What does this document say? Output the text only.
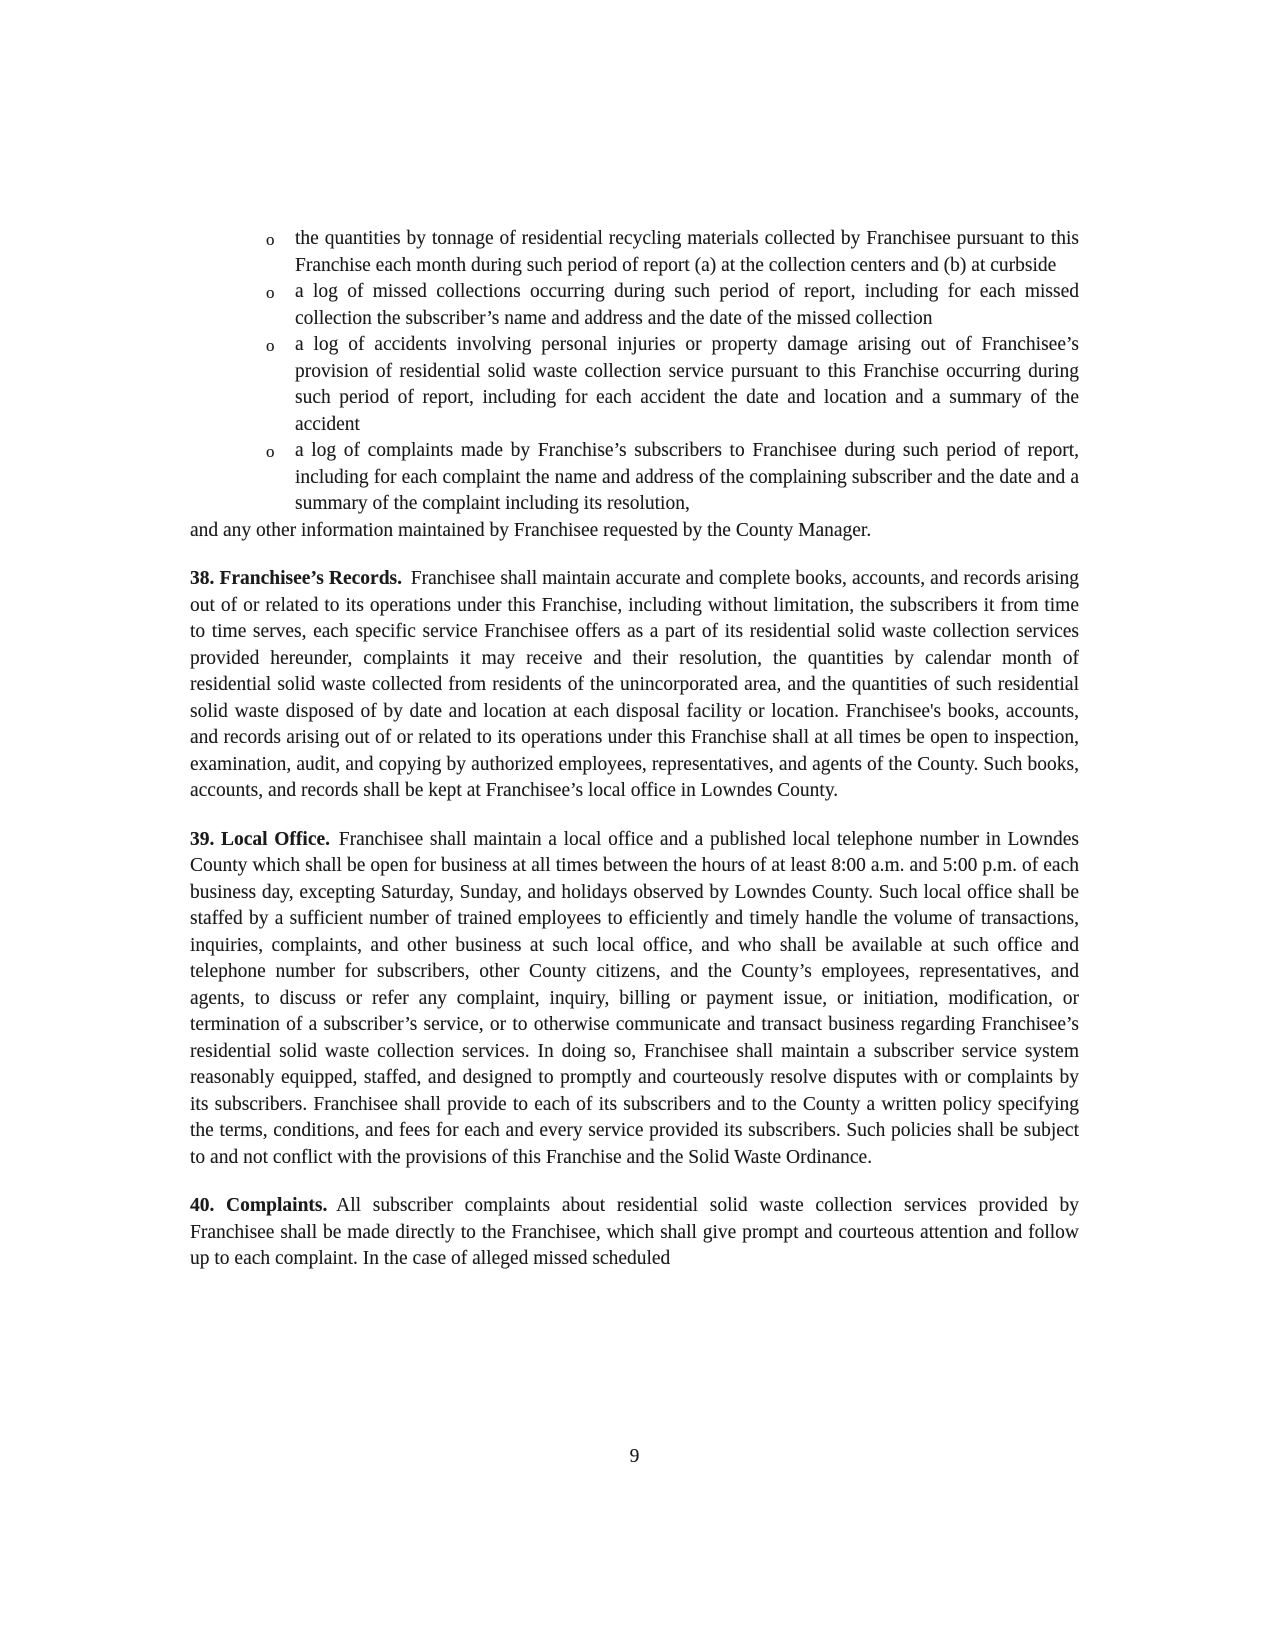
o the quantities by tonnage of residential recycling materials collected by Franchisee pursuant to this Franchise each month during such period of report (a) at the collection centers and (b) at curbside
o a log of missed collections occurring during such period of report, including for each missed collection the subscriber’s name and address and the date of the missed collection
o a log of accidents involving personal injuries or property damage arising out of Franchisee’s provision of residential solid waste collection service pursuant to this Franchise occurring during such period of report, including for each accident the date and location and a summary of the accident
o a log of complaints made by Franchise’s subscribers to Franchisee during such period of report, including for each complaint the name and address of the complaining subscriber and the date and a summary of the complaint including its resolution,
and any other information maintained by Franchisee requested by the County Manager.

38. Franchisee’s Records. Franchisee shall maintain accurate and complete books, accounts, and records arising out of or related to its operations under this Franchise, including without limitation, the subscribers it from time to time serves, each specific service Franchisee offers as a part of its residential solid waste collection services provided hereunder, complaints it may receive and their resolution, the quantities by calendar month of residential solid waste collected from residents of the unincorporated area, and the quantities of such residential solid waste disposed of by date and location at each disposal facility or location. Franchisee's books, accounts, and records arising out of or related to its operations under this Franchise shall at all times be open to inspection, examination, audit, and copying by authorized employees, representatives, and agents of the County. Such books, accounts, and records shall be kept at Franchisee’s local office in Lowndes County.

39. Local Office. Franchisee shall maintain a local office and a published local telephone number in Lowndes County which shall be open for business at all times between the hours of at least 8:00 a.m. and 5:00 p.m. of each business day, excepting Saturday, Sunday, and holidays observed by Lowndes County. Such local office shall be staffed by a sufficient number of trained employees to efficiently and timely handle the volume of transactions, inquiries, complaints, and other business at such local office, and who shall be available at such office and telephone number for subscribers, other County citizens, and the County’s employees, representatives, and agents, to discuss or refer any complaint, inquiry, billing or payment issue, or initiation, modification, or termination of a subscriber’s service, or to otherwise communicate and transact business regarding Franchisee’s residential solid waste collection services. In doing so, Franchisee shall maintain a subscriber service system reasonably equipped, staffed, and designed to promptly and courteously resolve disputes with or complaints by its subscribers. Franchisee shall provide to each of its subscribers and to the County a written policy specifying the terms, conditions, and fees for each and every service provided its subscribers. Such policies shall be subject to and not conflict with the provisions of this Franchise and the Solid Waste Ordinance.

40. Complaints. All subscriber complaints about residential solid waste collection services provided by Franchisee shall be made directly to the Franchisee, which shall give prompt and courteous attention and follow up to each complaint. In the case of alleged missed scheduled

9
